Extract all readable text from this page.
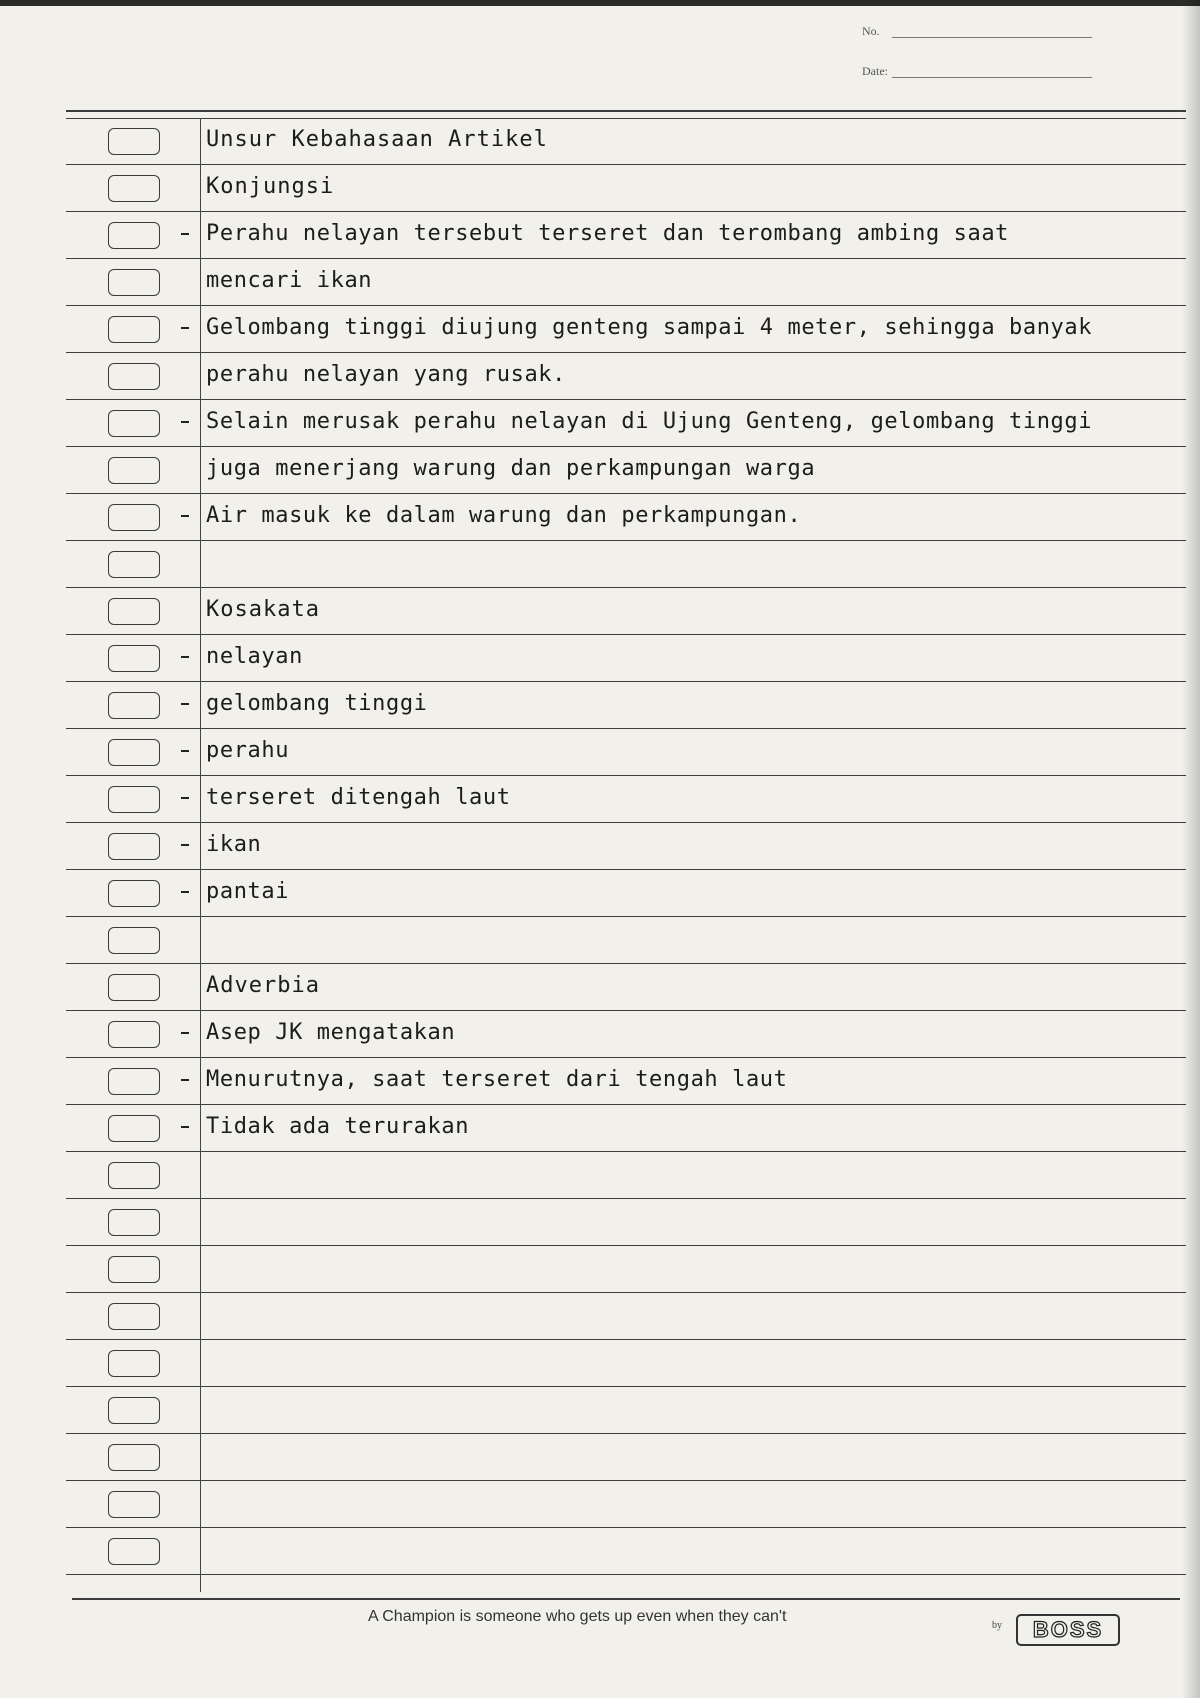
No.
Date:
Unsur Kebahasaan Artikel
Konjungsi
Perahu nelayan tersebut terseret dan terombang ambing saat
mencari ikan
Gelombang tinggi diujung genteng sampai 4 meter, sehingga banyak
perahu nelayan yang rusak.
Selain merusak perahu nelayan di Ujung Genteng, gelombang tinggi
juga menerjang warung dan perkampungan warga
Air masuk ke dalam warung dan perkampungan.
Kosakata
nelayan
gelombang tinggi
perahu
terseret ditengah laut
ikan
pantai
Adverbia
Asep JK mengatakan
Menurutnya, saat terseret dari tengah laut
Tidak ada terurakan
A Champion is someone who gets up even when they can't
by	BOSS
